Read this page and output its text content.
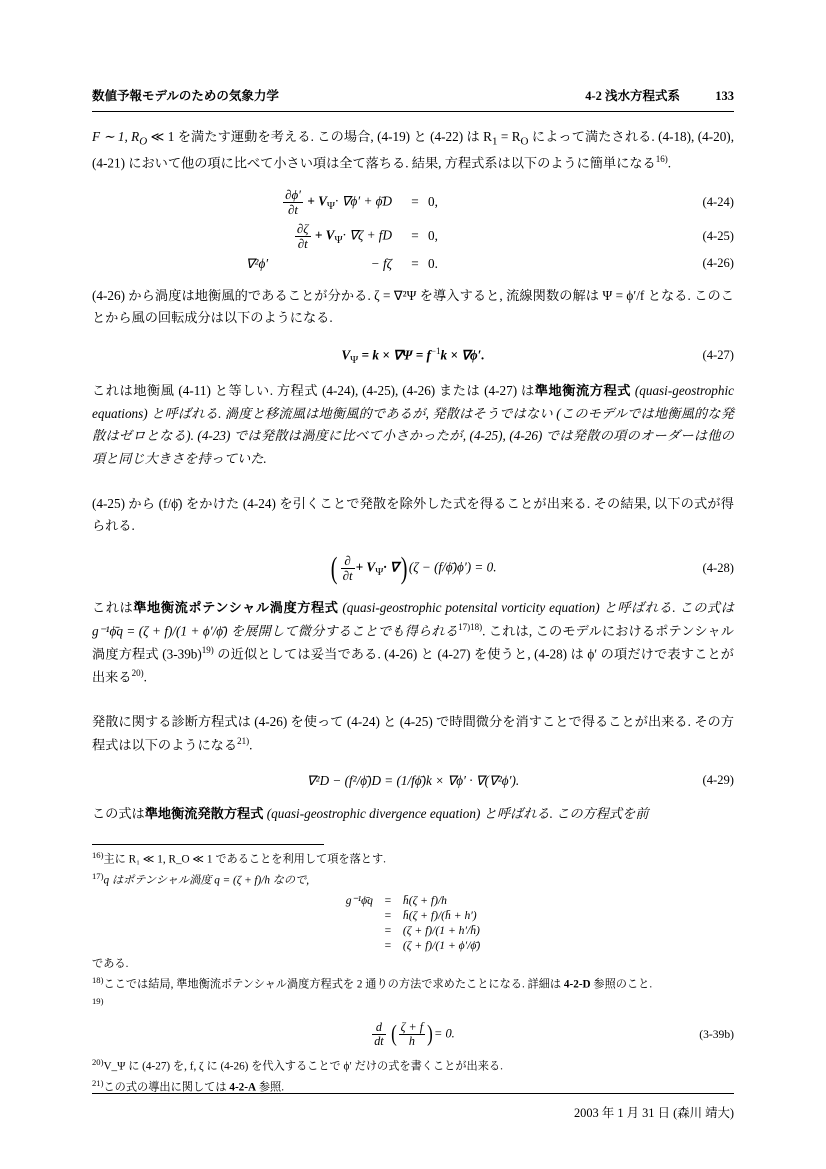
数値予報モデルのための気象力学	4-2 浅水方程式系	133
F ∼ 1, $R_O$ ≪ 1 を満たす運動を考える. この場合, (4-19) と (4-22) は $R_1 = R_O$ によって満たされる. (4-18), (4-20), (4-21) において他の項に比べて小さい項は全て落ちる. 結果, 方程式系は以下のように簡単になる$^{16)}$.
$\frac{\partial\phi'}{\partial t} + V_\Psi\cdot \nabla\phi'$ + ϕ̄D	= 0,	(4-24)
$\frac{\partial\zeta}{\partial t} + V_\Psi\cdot \nabla\zeta$ + fD	= 0,	(4-25)
∇²ϕ′	− fζ	= 0.	(4-26)
(4-26) から渦度は地衡風的であることが分かる. ζ = ∇²Ψ を導入すると, 流線関数の解は Ψ = ϕ′/f となる. このことから風の回転成分は以下のようになる.
$V_\Psi = k \times \nabla\Psi = f^{-1}k \times \nabla\phi'$.	(4-27)
これは地衡風 (4-11) と等しい. 方程式 (4-24), (4-25), (4-26) または (4-27) は準地衡流方程式 (quasi-geostrophic equations) と呼ばれる. 渦度と移流風は地衡風的であるが, 発散はそうではない (このモデルでは地衡風的な発散はゼロとなる). (4-23) では発散は渦度に比べて小さかったが, (4-25), (4-26) では発散の項のオーダーは他の項と同じ大きさを持っていた.
(4-25) から (f/ϕ̄) をかけた (4-24) を引くことで発散を除外した式を得ることが出来る. その結果, 以下の式が得られる.
( $\frac{\partial}{\partial t} + V_\Psi\cdot$ ∇) (ζ − (f/ϕ̄)ϕ′) = 0.	(4-28)
これは準地衡流ポテンシャル渦度方程式 (quasi-geostrophic potensital vorticity equation) と呼ばれる. この式は g⁻¹ϕ̄q = (ζ + f)/(1 + ϕ′/ϕ̄) を展開して微分することでも得られる$^{17)18)}$. これは, このモデルにおけるポテンシャル渦度方程式 (3-39b)$^{19)}$ の近似としては妥当である. (4-26) と (4-27) を使うと, (4-28) は ϕ′ の項だけで表すことが出来る$^{20)}$.
発散に関する診断方程式は (4-26) を使って (4-24) と (4-25) で時間微分を消すことで得ることが出来る. その方程式は以下のようになる$^{21)}$.
∇²D − (f²/ϕ̄)D = (1/fϕ̄)k × ∇ϕ′ · ∇(∇²ϕ′).	(4-29)
この式は準地衡流発散方程式 (quasi-geostrophic divergence equation) と呼ばれる. この方程式を前
$^{16)}$主に R₁ ≪ 1, R_O ≪ 1 であることを利用して項を落とす.
$^{17)}$q はポテンシャル渦度 q = (ζ + f)/h なので,
g⁻¹ϕ̄q	=	h̄(ζ + f)/h
	=	h̄(ζ + f)/(h̄ + h′)
	=	(ζ + f)/(1 + h′/h̄)
	=	(ζ + f)/(1 + ϕ′/ϕ̄)
である.
$^{18)}$ここでは結局, 準地衡流ポテンシャル渦度方程式を 2 通りの方法で求めたことになる. 詳細は 4-2-D 参照のこと.
$^{19)}$
$\frac{d}{dt}$ ( $\frac{\zeta + f}{h}$ )= 0.	(3-39b)
$^{20)}$V_Ψ に (4-27) を, f, ζ に (4-26) を代入することで ϕ′ だけの式を書くことが出来る.
$^{21)}$この式の導出に関しては 4-2-A 参照.
2003 年 1 月 31 日 (森川 靖大)
